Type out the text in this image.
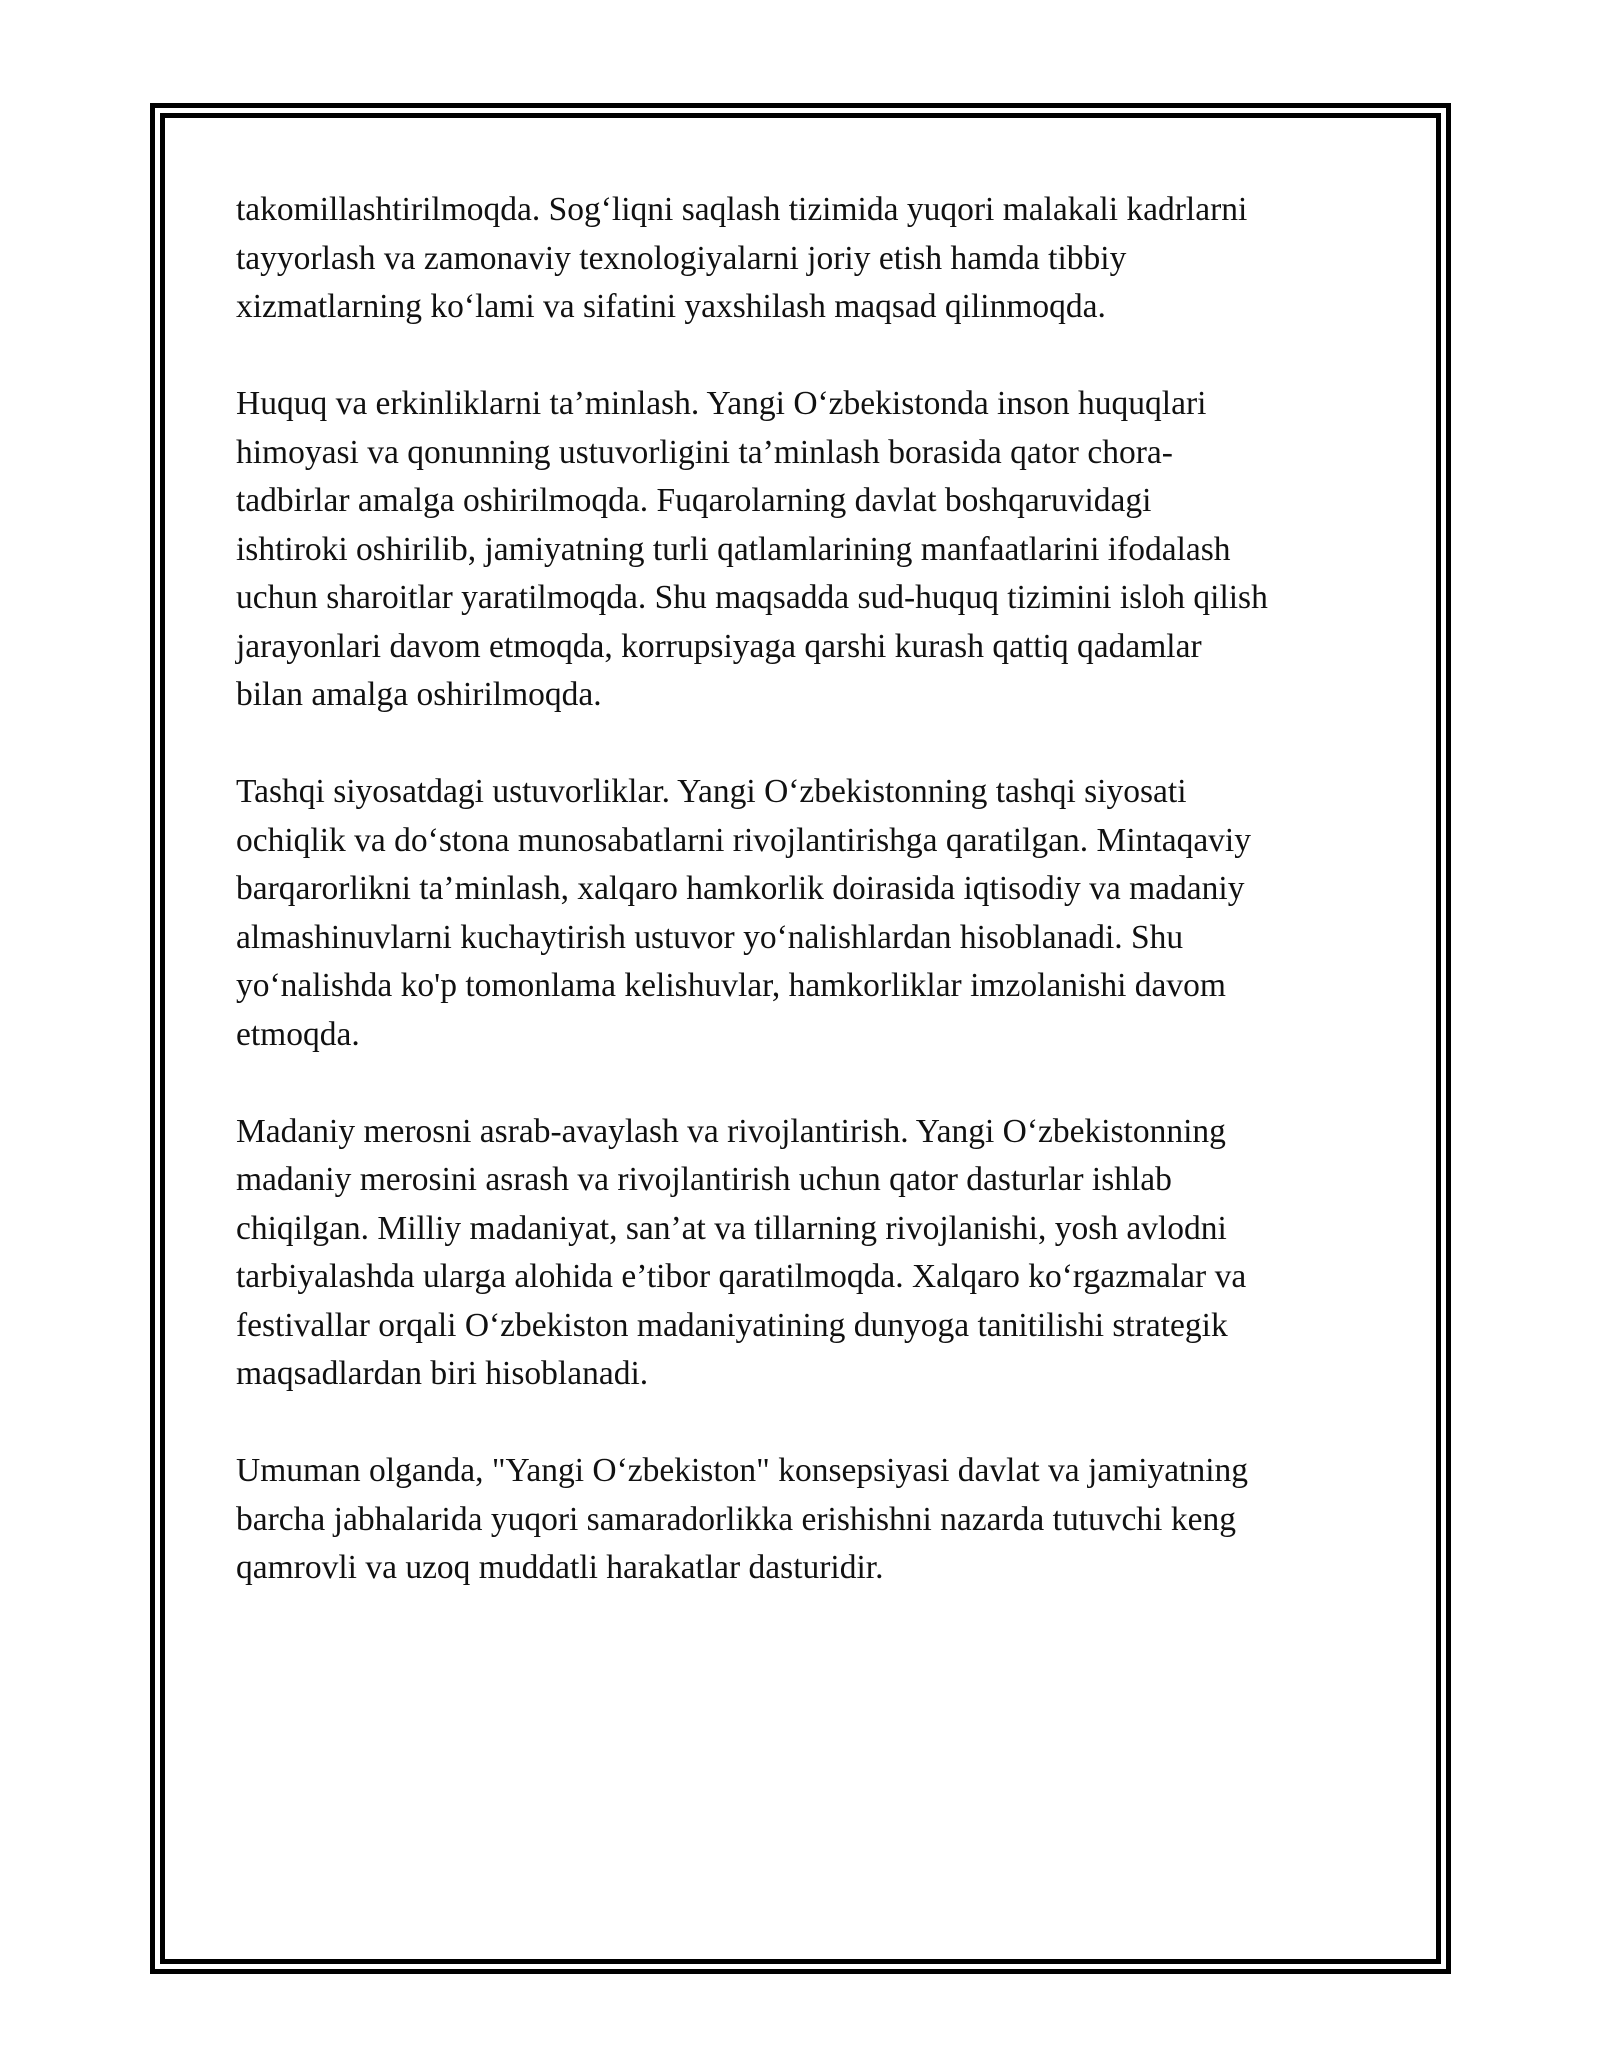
takomillashtirilmoqda. Sog‘liqni saqlash tizimida yuqori malakali kadrlarni
tayyorlash va zamonaviy texnologiyalarni joriy etish hamda tibbiy
xizmatlarning ko‘lami va sifatini yaxshilash maqsad qilinmoqda.

Huquq va erkinliklarni ta’minlash. Yangi O‘zbekistonda inson huquqlari
himoyasi va qonunning ustuvorligini ta’minlash borasida qator chora-
tadbirlar amalga oshirilmoqda. Fuqarolarning davlat boshqaruvidagi
ishtiroki oshirilib, jamiyatning turli qatlamlarining manfaatlarini ifodalash
uchun sharoitlar yaratilmoqda. Shu maqsadda sud-huquq tizimini isloh qilish
jarayonlari davom etmoqda, korrupsiyaga qarshi kurash qattiq qadamlar
bilan amalga oshirilmoqda.

Tashqi siyosatdagi ustuvorliklar. Yangi O‘zbekistonning tashqi siyosati
ochiqlik va do‘stona munosabatlarni rivojlantirishga qaratilgan. Mintaqaviy
barqarorlikni ta’minlash, xalqaro hamkorlik doirasida iqtisodiy va madaniy
almashinuvlarni kuchaytirish ustuvor yo‘nalishlardan hisoblanadi. Shu
yo‘nalishda ko'p tomonlama kelishuvlar, hamkorliklar imzolanishi davom
etmoqda.

Madaniy merosni asrab-avaylash va rivojlantirish. Yangi O‘zbekistonning
madaniy merosini asrash va rivojlantirish uchun qator dasturlar ishlab
chiqilgan. Milliy madaniyat, san’at va tillarning rivojlanishi, yosh avlodni
tarbiyalashda ularga alohida e’tibor qaratilmoqda. Xalqaro ko‘rgazmalar va
festivallar orqali O‘zbekiston madaniyatining dunyoga tanitilishi strategik
maqsadlardan biri hisoblanadi.

Umuman olganda, "Yangi O‘zbekiston" konsepsiyasi davlat va jamiyatning
barcha jabhalarida yuqori samaradorlikka erishishni nazarda tutuvchi keng
qamrovli va uzoq muddatli harakatlar dasturidir.
